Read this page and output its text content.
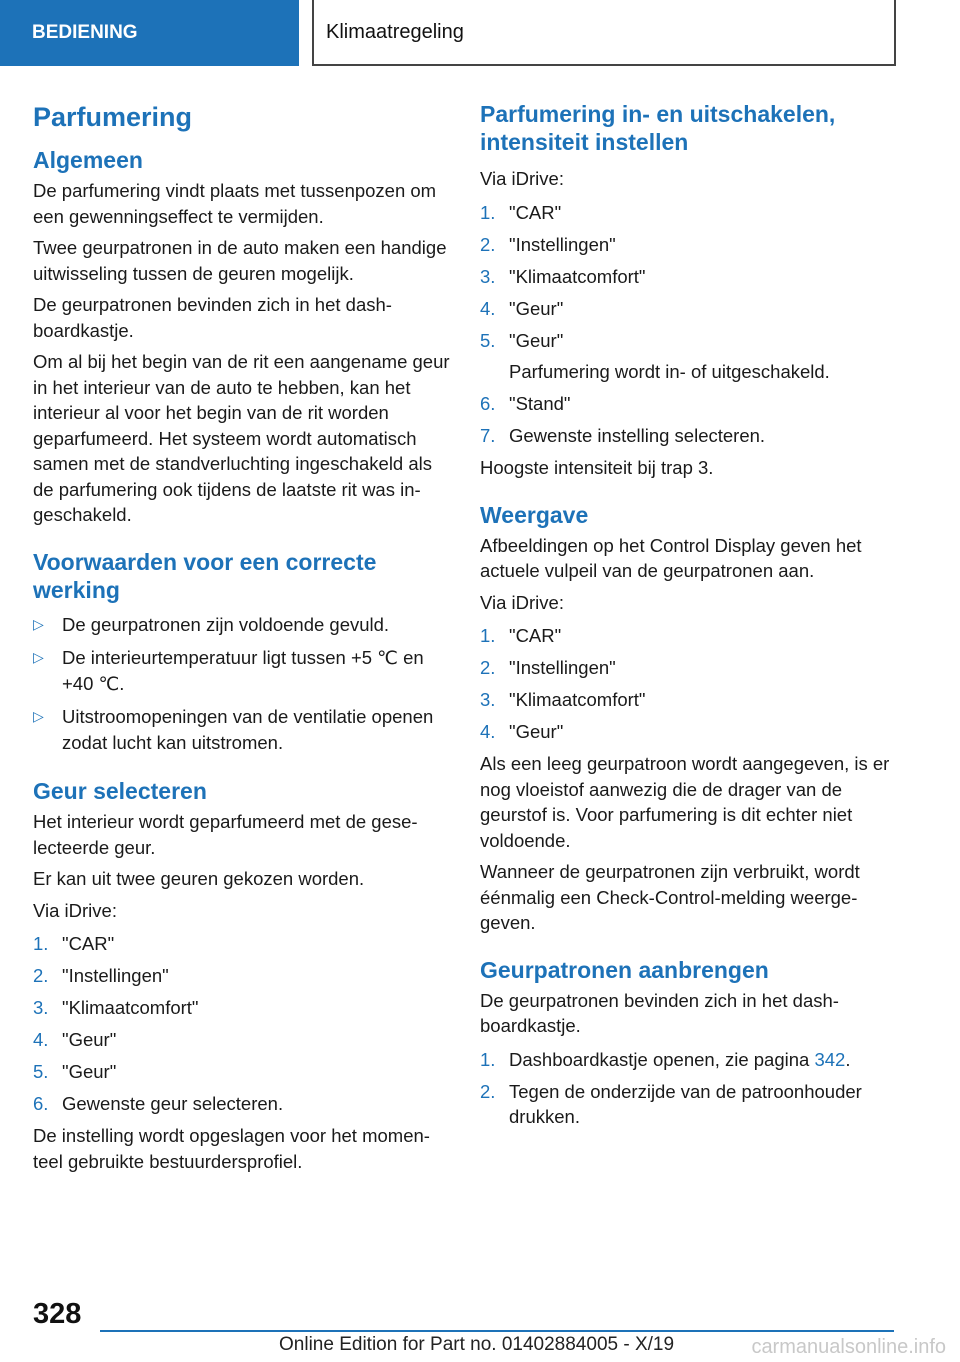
BEDIENING	Klimaatregeling
Parfumering
Algemeen

De parfumering vindt plaats met tussenpozen om een gewenningseffect te vermijden.

Twee geurpatronen in de auto maken een handige uitwisseling tussen de geuren mogelijk.

De geurpatronen bevinden zich in het dashboardkastje.

Om al bij het begin van de rit een aangename geur in het interieur van de auto te hebben, kan het interieur al voor het begin van de rit worden geparfumeerd. Het systeem wordt automatisch samen met de standverluchting ingeschakeld als de parfumering ook tijdens de laatste rit was ingeschakeld.

Voorwaarden voor een correcte werking
▷ De geurpatronen zijn voldoende gevuld.
▷ De interieurtemperatuur ligt tussen +5 ℃ en +40 ℃.
▷ Uitstroomopeningen van de ventilatie openen zodat lucht kan uitstromen.
Geur selecteren

Het interieur wordt geparfumeerd met de geselecteerde geur.

Er kan uit twee geuren gekozen worden.

Via iDrive:

1. "CAR"
2. "Instellingen"
3. "Klimaatcomfort"
4. "Geur"
5. "Geur"
6. Gewenste geur selecteren.

De instelling wordt opgeslagen voor het momenteel gebruikte bestuurdersprofiel.

Parfumering in- en uitschakelen, intensiteit instellen

Via iDrive:

1. "CAR"
2. "Instellingen"
3. "Klimaatcomfort"
4. "Geur"
5. "Geur"
Parfumering wordt in- of uitgeschakeld.
6. "Stand"
7. Gewenste instelling selecteren.

Hoogste intensiteit bij trap 3.

Weergave

Afbeeldingen op het Control Display geven het actuele vulpeil van de geurpatronen aan.

Via iDrive:

1. "CAR"
2. "Instellingen"
3. "Klimaatcomfort"
4. "Geur"

Als een leeg geurpatroon wordt aangegeven, is er nog vloeistof aanwezig die de drager van de geurstof is. Voor parfumering is dit echter niet voldoende.

Wanneer de geurpatronen zijn verbruikt, wordt éénmalig een Check-Control-melding weergegeven.

Geurpatronen aanbrengen

De geurpatronen bevinden zich in het dashboardkastje.

1. Dashboardkastje openen, zie pagina 342.
2. Tegen de onderzijde van de patroonhouder drukken.
328
Online Edition for Part no. 01402884005 - X/19	carmanualsonline.info
